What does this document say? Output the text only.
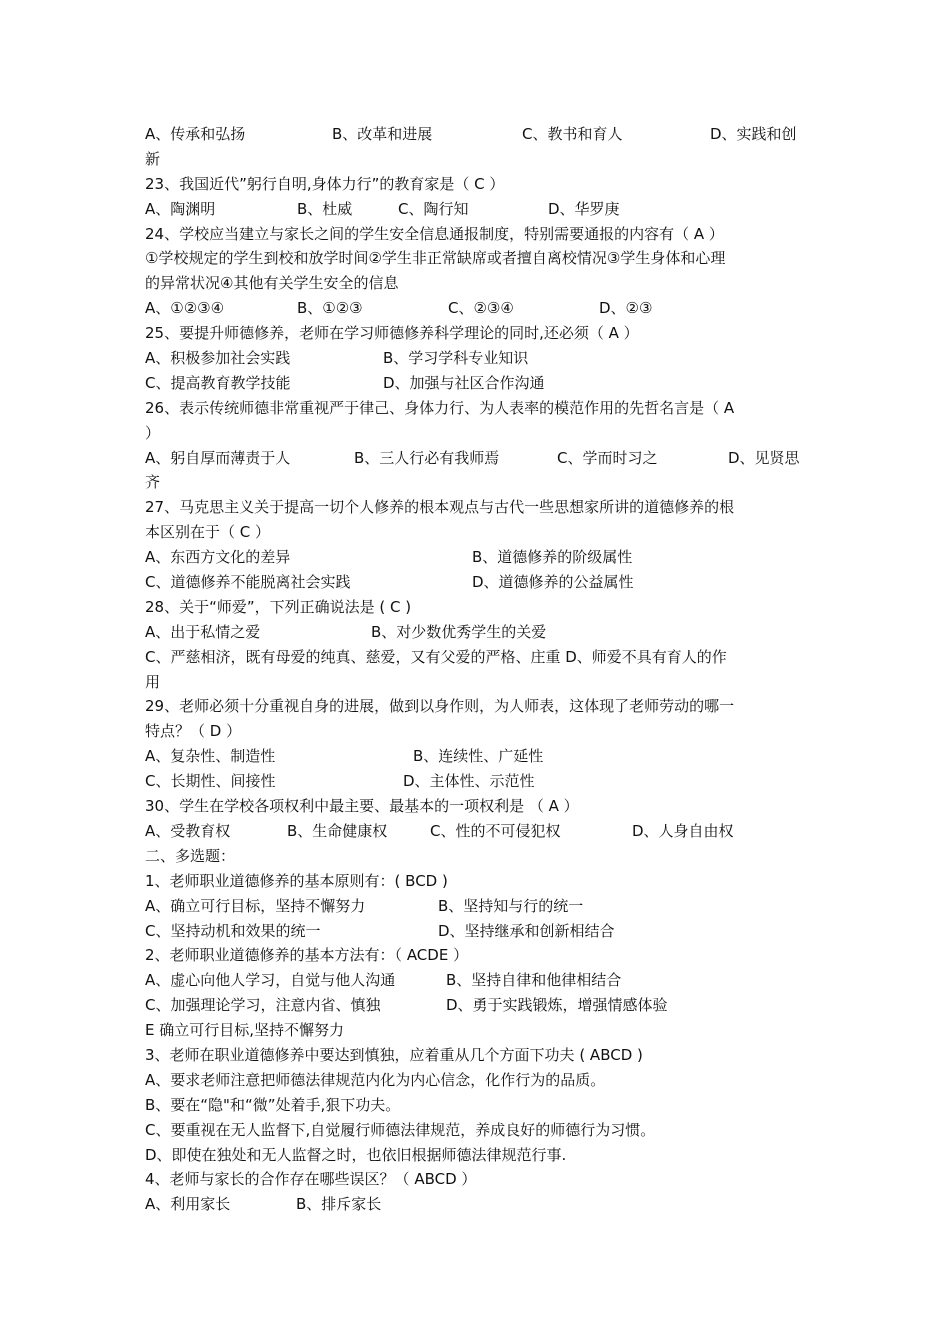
A、传承和弘扬	B、改革和进展	C、教书和育人	D、实践和创
新
23、我国近代”躬行自明,身体力行”的教育家是（ C ）
A、陶渊明	B、杜威	C、陶行知	D、华罗庚
24、学校应当建立与家长之间的学生安全信息通报制度，特别需要通报的内容有（ A ）
①学校规定的学生到校和放学时间②学生非正常缺席或者擅自离校情况③学生身体和心理
的异常状况④其他有关学生安全的信息
A、①②③④	B、①②③	C、②③④	D、②③
25、要提升师德修养，老师在学习师德修养科学理论的同时,还必须（ A ）
A、积极参加社会实践	B、学习学科专业知识
C、提高教育教学技能	D、加强与社区合作沟通
26、表示传统师德非常重视严于律己、身体力行、为人表率的模范作用的先哲名言是（ A
）
A、躬自厚而薄责于人	B、三人行必有我师焉	C、学而时习之	D、见贤思
齐
27、马克思主义关于提高一切个人修养的根本观点与古代一些思想家所讲的道德修养的根
本区别在于（ C ）
A、东西方文化的差异	B、道德修养的阶级属性
C、道德修养不能脱离社会实践	D、道德修养的公益属性
28、关于“师爱”，下列正确说法是 ( C )
A、出于私情之爱	B、对少数优秀学生的关爱
C、严慈相济，既有母爱的纯真、慈爱，又有父爱的严格、庄重 D、师爱不具有育人的作
用
29、老师必须十分重视自身的进展，做到以身作则，为人师表，这体现了老师劳动的哪一
特点？（ D ）
A、复杂性、制造性	B、连续性、广延性
C、长期性、间接性	D、主体性、示范性
30、学生在学校各项权利中最主要、最基本的一项权利是 （ A ）
A、受教育权	B、生命健康权	C、性的不可侵犯权	D、人身自由权
二、多选题：
1、老师职业道德修养的基本原则有：( BCD )
A、确立可行目标，坚持不懈努力	B、坚持知与行的统一
C、坚持动机和效果的统一	D、坚持继承和创新相结合
2、老师职业道德修养的基本方法有：（ ACDE ）
A、虚心向他人学习，自觉与他人沟通	B、坚持自律和他律相结合
C、加强理论学习，注意内省、慎独	D、勇于实践锻炼，增强情感体验
E 确立可行目标,坚持不懈努力
3、老师在职业道德修养中要达到慎独，应着重从几个方面下功夫 ( ABCD )
A、要求老师注意把师德法律规范内化为内心信念，化作行为的品质。
B、要在“隐"和“微”处着手,狠下功夫。
C、要重视在无人监督下,自觉履行师德法律规范，养成良好的师德行为习惯。
D、即使在独处和无人监督之时，也依旧根据师德法律规范行事.
4、老师与家长的合作存在哪些误区？（ ABCD ）
A、利用家长	B、排斥家长
